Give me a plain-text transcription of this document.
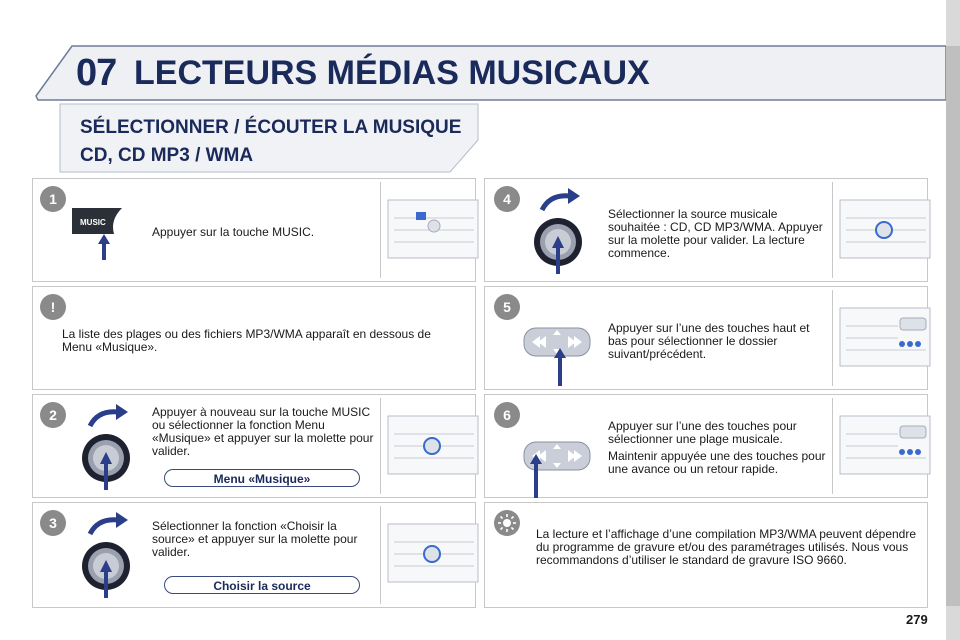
07 LECTEURS MÉDIAS MUSICAUX
SÉLECTIONNER / ÉCOUTER LA MUSIQUE
CD, CD MP3 / WMA
1
!
2
3
4
5
6
MUSIC
Appuyer sur la touche MUSIC.
La liste des plages ou des fichiers MP3/WMA apparaît en dessous de Menu «Musique».
Appuyer à nouveau sur la touche MUSIC ou sélectionner la fonction Menu «Musique» et appuyer sur la molette pour valider.
Menu «Musique»
Sélectionner la fonction «Choisir la source» et appuyer sur la molette pour valider.
Choisir la source
Sélectionner la source musicale souhaitée : CD, CD MP3/WMA. Appuyer sur la molette pour valider. La lecture commence.
Appuyer sur l’une des touches haut et bas pour sélectionner le dossier suivant/précédent.
Appuyer sur l’une des touches pour sélectionner une plage musicale.
Maintenir appuyée une des touches pour une avance ou un retour rapide.
La lecture et l’affichage d’une compilation MP3/WMA peuvent dépendre du programme de gravure et/ou des paramétrages utilisés. Nous vous recommandons d’utiliser le standard de gravure ISO 9660.
279
